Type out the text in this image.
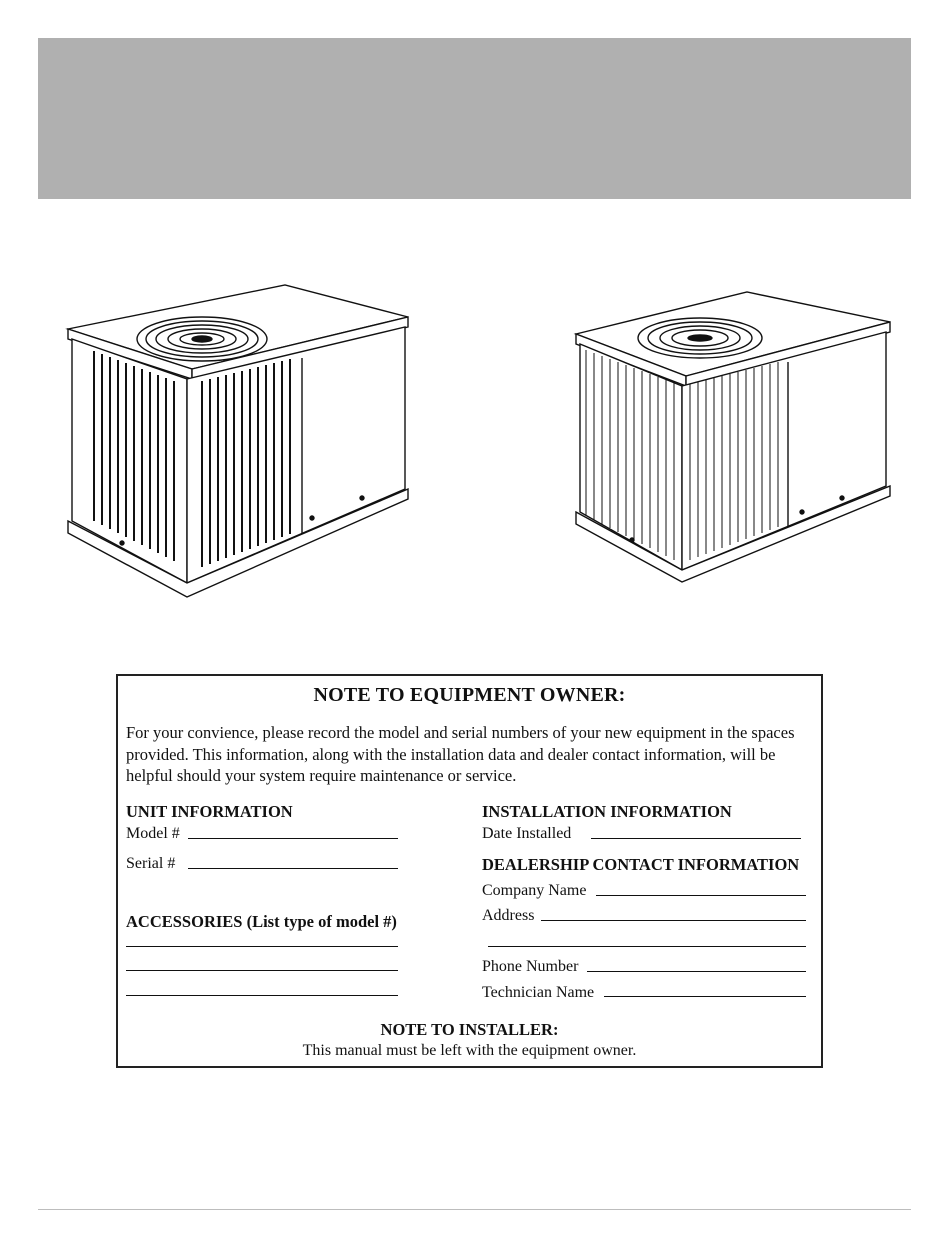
NOTE TO EQUIPMENT OWNER:
For your convience, please record the model and serial numbers of your new equipment in the spaces provided. This information, along with the installation data and dealer contact information, will be helpful should your system require maintenance or service.
UNIT INFORMATION
Model #
Serial #
ACCESSORIES (List type of model #)
INSTALLATION INFORMATION
Date Installed
DEALERSHIP CONTACT INFORMATION
Company Name
Address
Phone Number
Technician Name
NOTE TO INSTALLER:
This manual must be left with the equipment owner.
